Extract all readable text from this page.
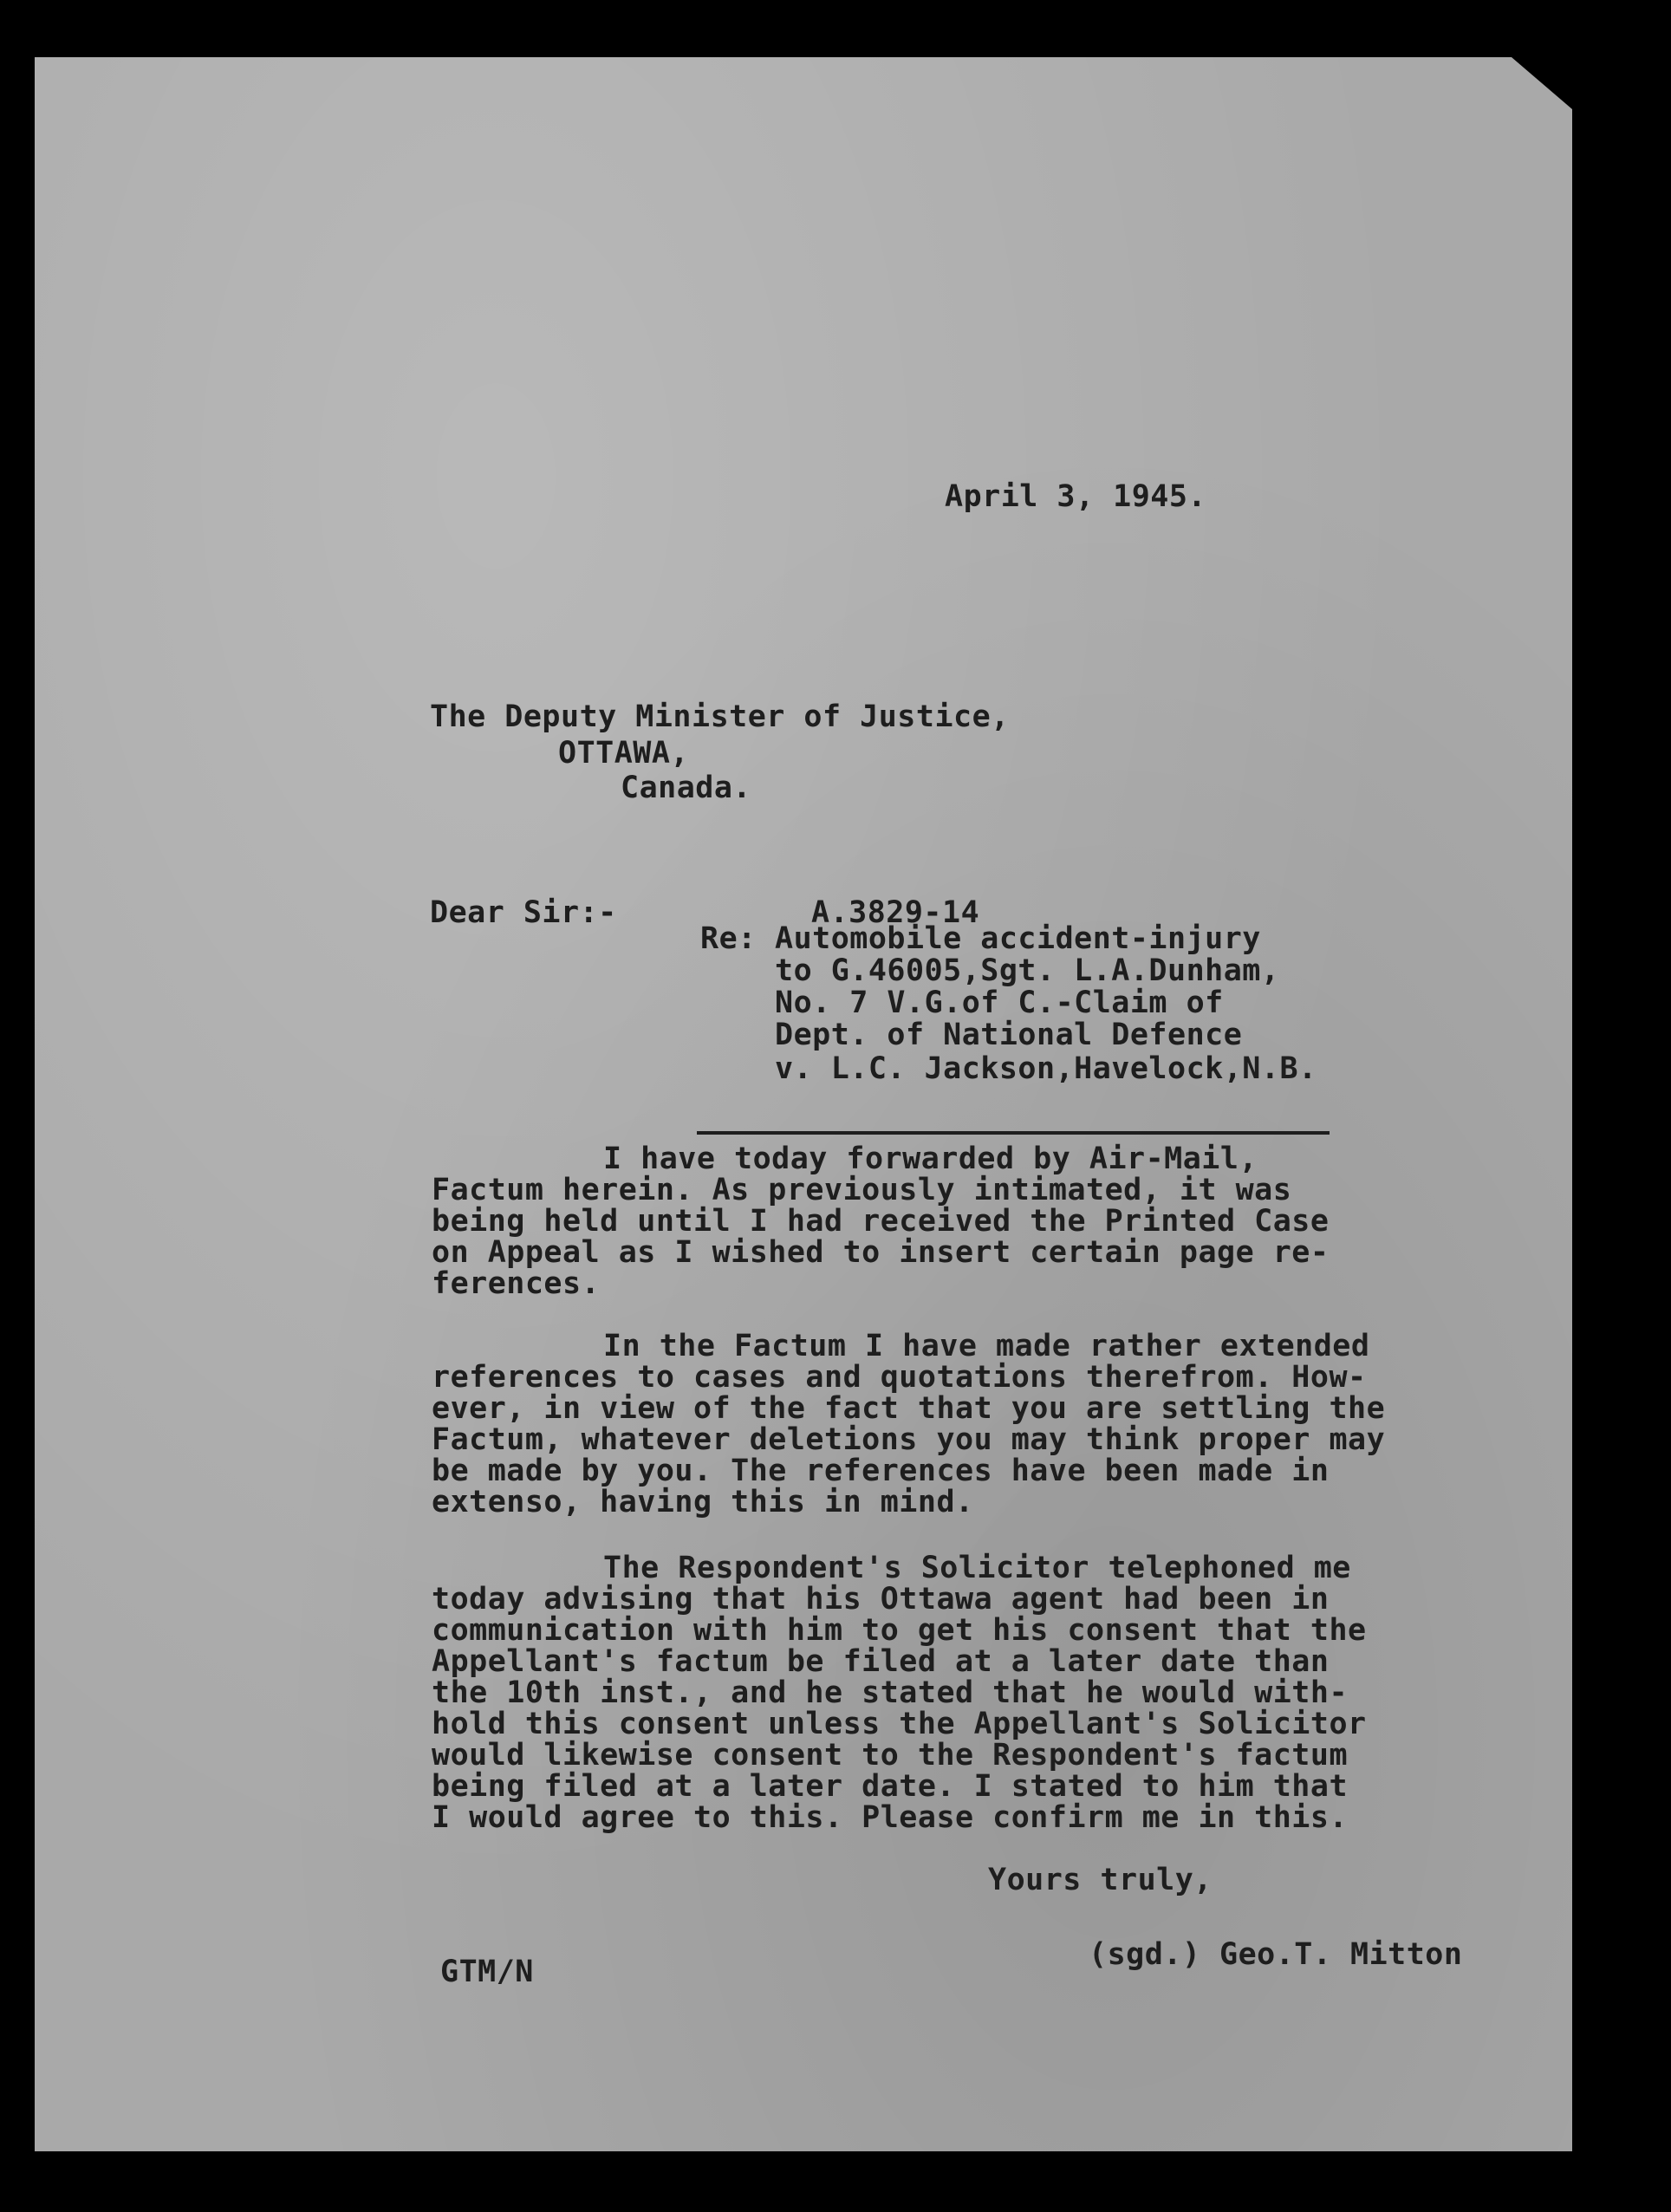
April 3, 1945.
The Deputy Minister of Justice,
OTTAWA,
Canada.
Dear Sir:-	A.3829-14
Re: Automobile accident-injury
to G.46005,Sgt. L.A.Dunham,
No. 7 V.G.of C.-Claim of
Dept. of National Defence
v. L.C. Jackson,Havelock,N.B.
I have today forwarded by Air-Mail,
Factum herein. As previously intimated, it was
being held until I had received the Printed Case
on Appeal as I wished to insert certain page re-
ferences.
In the Factum I have made rather extended
references to cases and quotations therefrom. How-
ever, in view of the fact that you are settling the
Factum, whatever deletions you may think proper may
be made by you. The references have been made in
extenso, having this in mind.
The Respondent's Solicitor telephoned me
today advising that his Ottawa agent had been in
communication with him to get his consent that the
Appellant's factum be filed at a later date than
the 10th inst., and he stated that he would with-
hold this consent unless the Appellant's Solicitor
would likewise consent to the Respondent's factum
being filed at a later date. I stated to him that
I would agree to this. Please confirm me in this.
Yours truly,
(sgd.) Geo.T. Mitton
GTM/N
